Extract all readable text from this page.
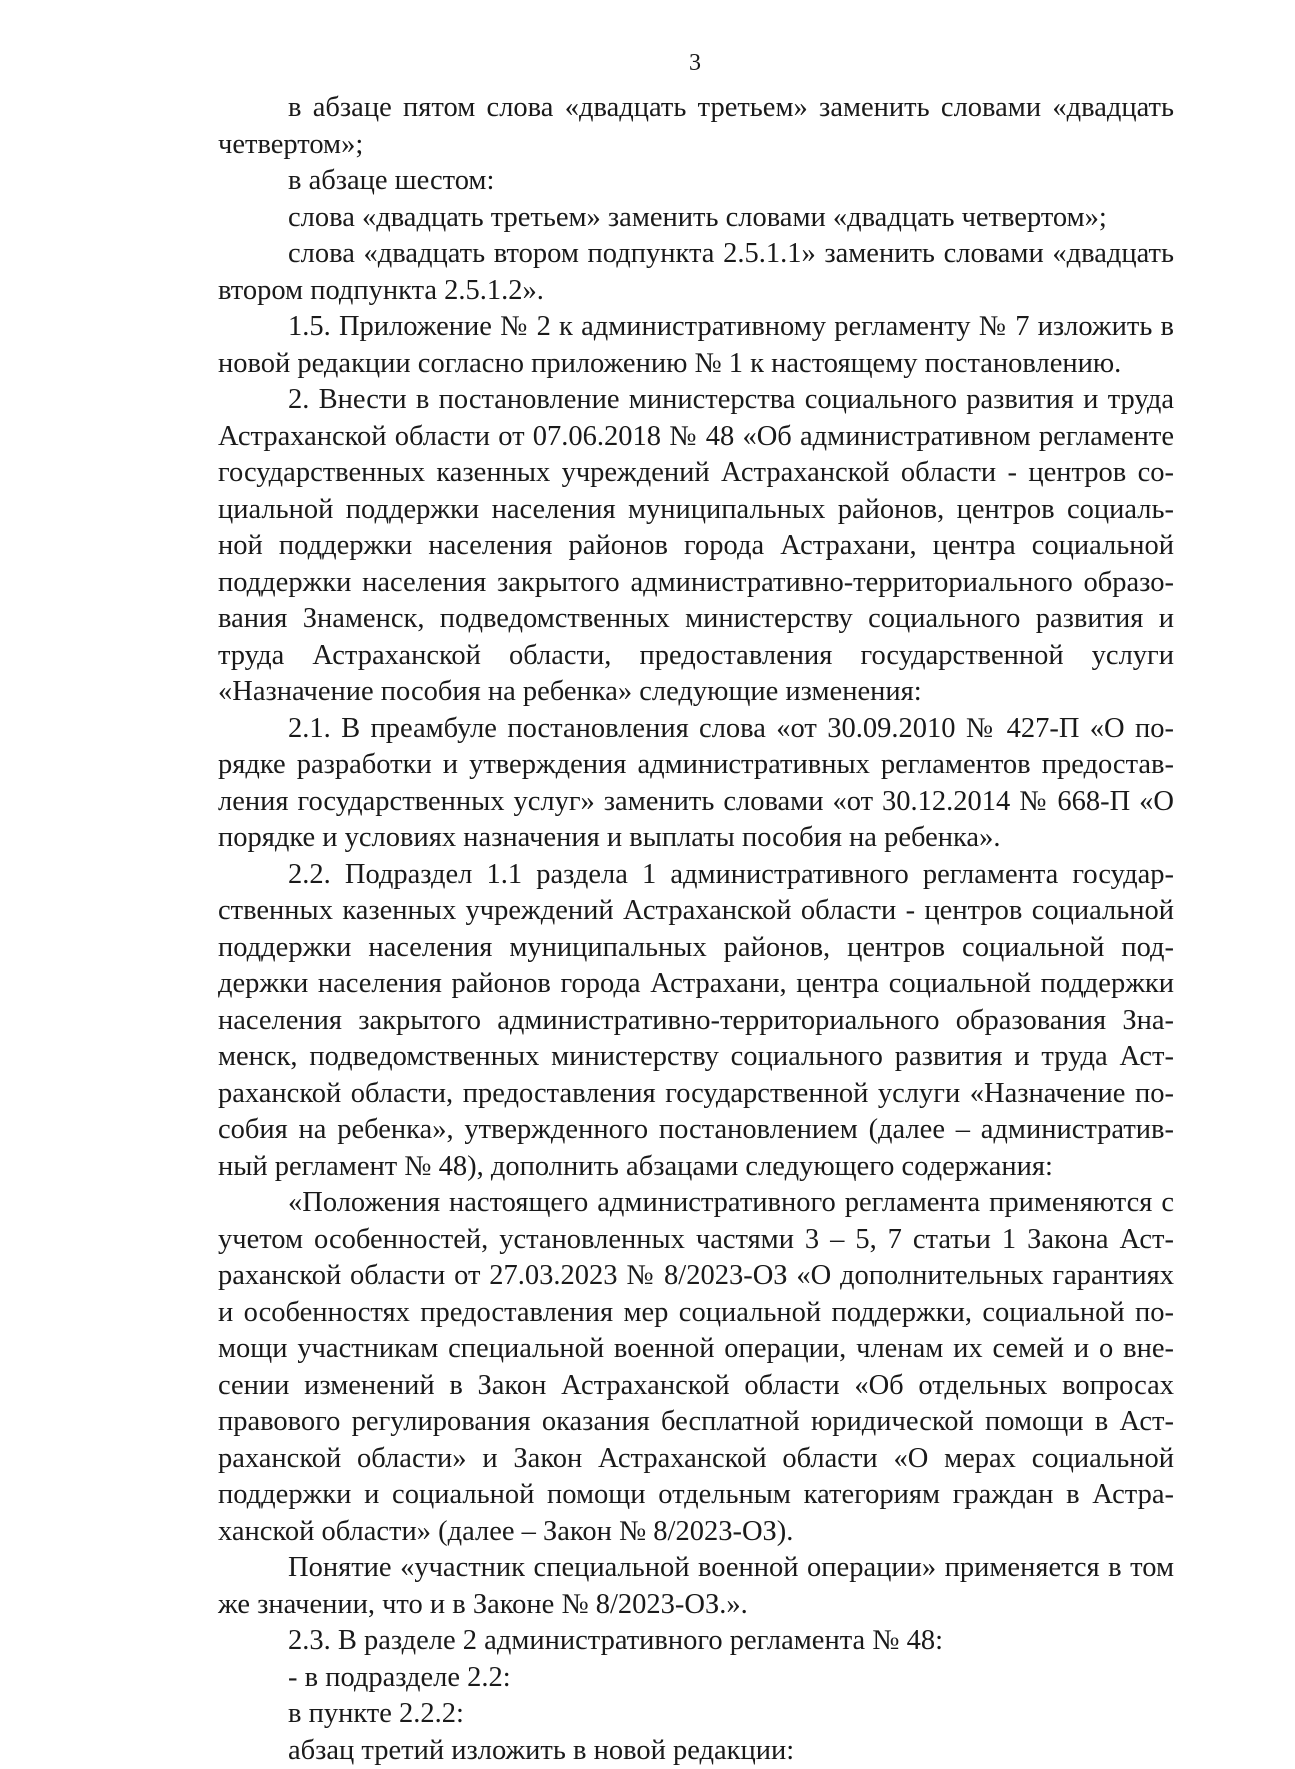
3

в абзаце пятом слова «двадцать третьем» заменить словами «двадцать четвертом»;

в абзаце шестом:

слова «двадцать третьем» заменить словами «двадцать четвертом»;

слова «двадцать втором подпункта 2.5.1.1» заменить словами «двадцать втором подпункта 2.5.1.2».

1.5. Приложение № 2 к административному регламенту № 7 изложить в новой редакции согласно приложению № 1 к настоящему постановлению.

2. Внести в постановление министерства социального развития и труда Астраханской области от 07.06.2018 № 48 «Об административном регламенте государственных казенных учреждений Астраханской области - центров социальной поддержки населения муниципальных районов, центров социальной поддержки населения районов города Астрахани, центра социальной поддержки населения закрытого административно-территориального образования Знаменск, подведомственных министерству социального развития и труда Астраханской области, предоставления государственной услуги «Назначение пособия на ребенка» следующие изменения:

2.1. В преамбуле постановления слова «от 30.09.2010 № 427-П «О порядке разработки и утверждения административных регламентов предоставления государственных услуг» заменить словами «от 30.12.2014 № 668-П «О порядке и условиях назначения и выплаты пособия на ребенка».

2.2. Подраздел 1.1 раздела 1 административного регламента государственных казенных учреждений Астраханской области - центров социальной поддержки населения муниципальных районов, центров социальной поддержки населения районов города Астрахани, центра социальной поддержки населения закрытого административно-территориального образования Знаменск, подведомственных министерству социального развития и труда Астраханской области, предоставления государственной услуги «Назначение пособия на ребенка», утвержденного постановлением (далее – административный регламент № 48), дополнить абзацами следующего содержания:

«Положения настоящего административного регламента применяются с учетом особенностей, установленных частями 3 – 5, 7 статьи 1 Закона Астраханской области от 27.03.2023 № 8/2023-ОЗ «О дополнительных гарантиях и особенностях предоставления мер социальной поддержки, социальной помощи участникам специальной военной операции, членам их семей и о внесении изменений в Закон Астраханской области «Об отдельных вопросах правового регулирования оказания бесплатной юридической помощи в Астраханской области» и Закон Астраханской области «О мерах социальной поддержки и социальной помощи отдельным категориям граждан в Астраханской области» (далее – Закон № 8/2023-ОЗ).

Понятие «участник специальной военной операции» применяется в том же значении, что и в Законе № 8/2023-ОЗ.».

2.3. В разделе 2 административного регламента № 48:

- в подразделе 2.2:

в пункте 2.2.2:

абзац третий изложить в новой редакции:
